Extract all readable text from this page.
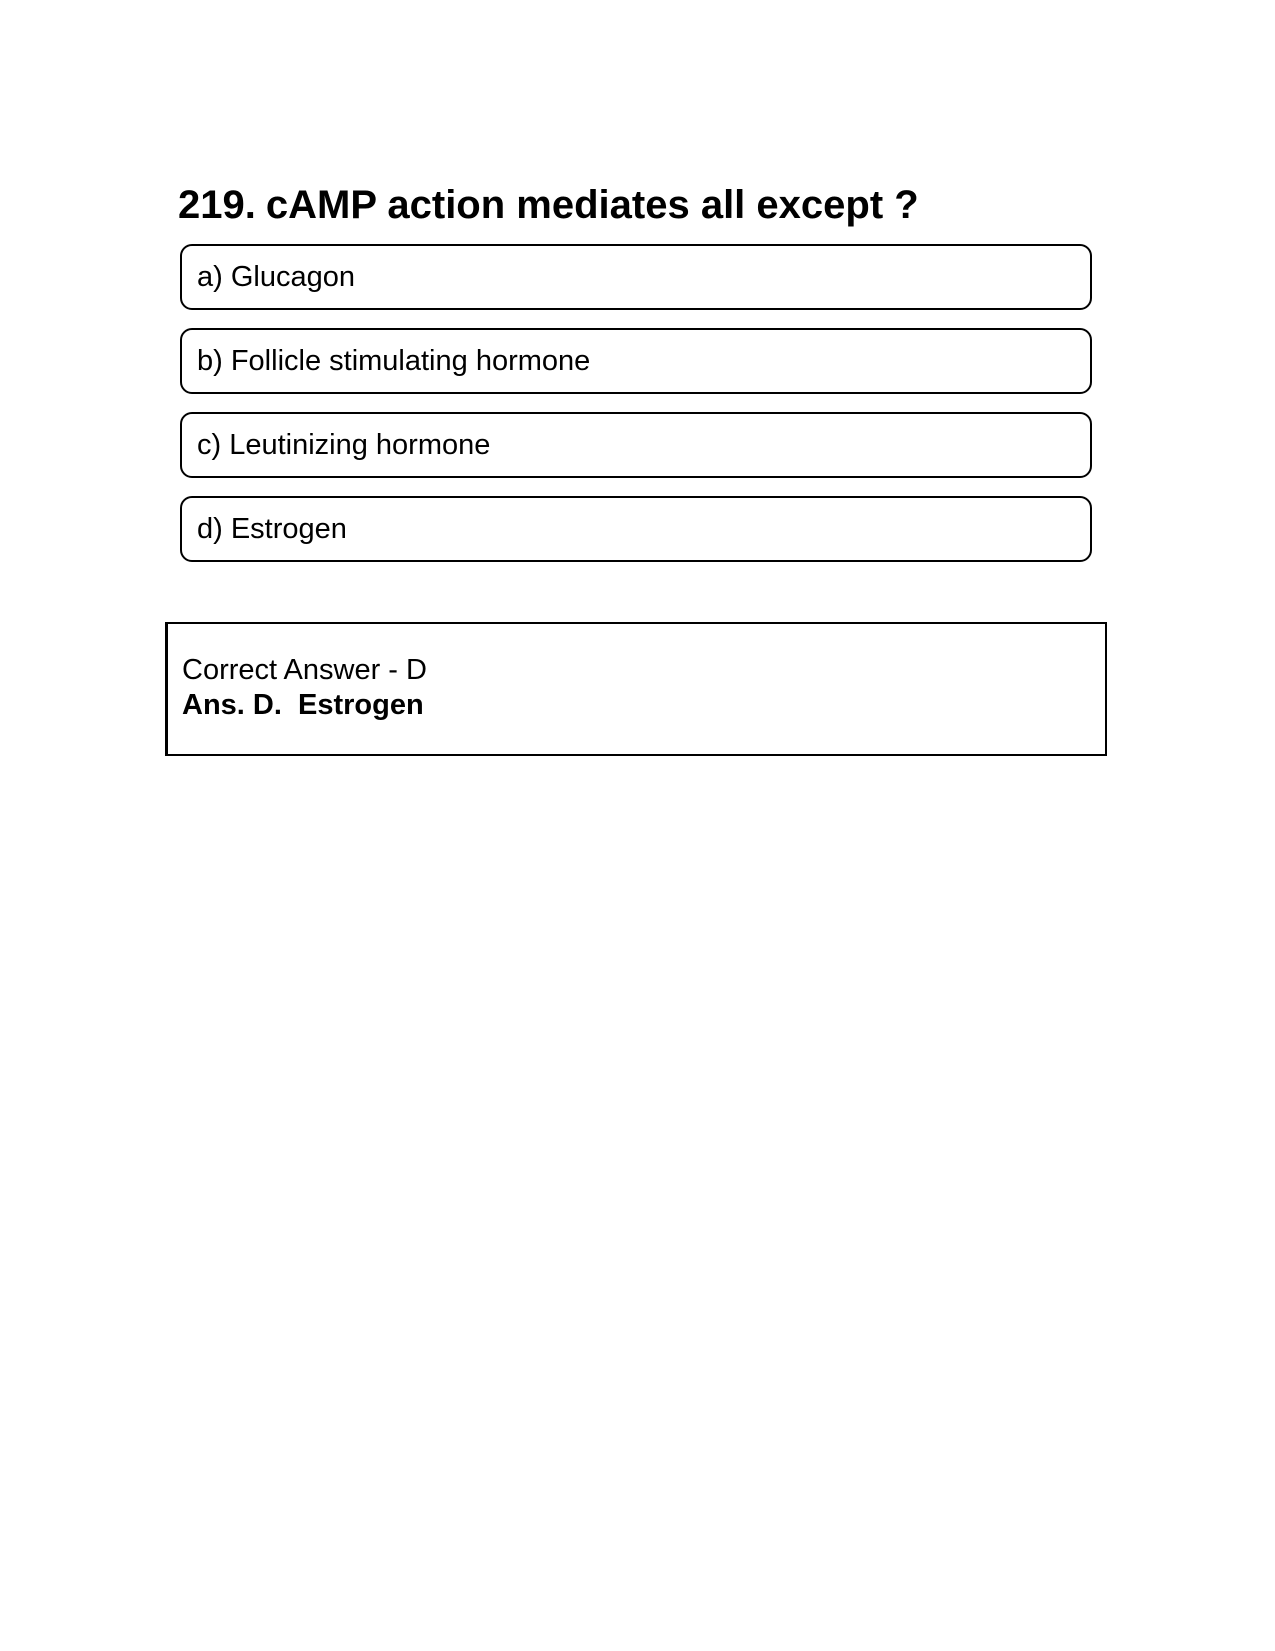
219. cAMP action mediates all except ?
a) Glucagon
b) Follicle stimulating hormone
c) Leutinizing hormone
d) Estrogen
Correct Answer - D
Ans. D.  Estrogen
